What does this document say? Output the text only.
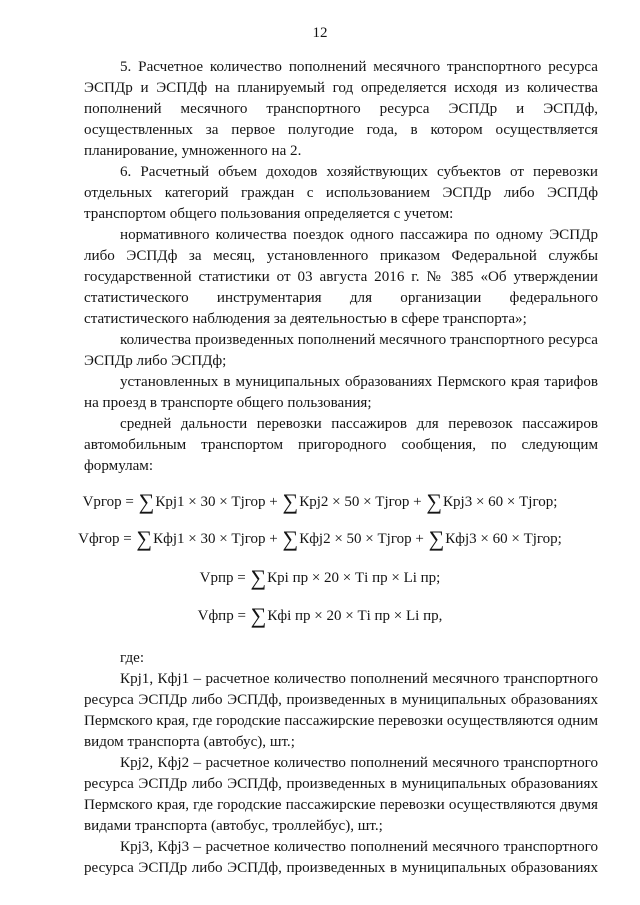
12
5. Расчетное количество пополнений месячного транспортного ресурса
ЭСПДр и ЭСПДф на планируемый год определяется исходя из количества
пополнений месячного транспортного ресурса ЭСПДр и ЭСПДф,
осуществленных за первое полугодие года, в котором осуществляется
планирование, умноженного на 2.
6. Расчетный объем доходов хозяйствующих субъектов от перевозки
отдельных категорий граждан с использованием ЭСПДр либо ЭСПДф
транспортом общего пользования определяется с учетом:
нормативного количества поездок одного пассажира по одному ЭСПДр
либо ЭСПДф за месяц, установленного приказом Федеральной службы
государственной статистики от 03 августа 2016 г. № 385 «Об утверждении
статистического инструментария для организации федерального
статистического наблюдения за деятельностью в сфере транспорта»;
количества произведенных пополнений месячного транспортного ресурса
ЭСПДр либо ЭСПДф;
установленных в муниципальных образованиях Пермского края тарифов
на проезд в транспорте общего пользования;
средней дальности перевозки пассажиров для перевозок пассажиров
автомобильным транспортом пригородного сообщения, по следующим
формулам:
Vргор = ∑Кpj1 × 30 × Тjгор + ∑Кpj2 × 50 × Тjгор + ∑Кpj3 × 60 × Тjгор;
Vфгор = ∑Кфj1 × 30 × Тjгор + ∑Кфj2 × 50 × Тjгор + ∑Кфj3 × 60 × Тjгор;
Vрпр = ∑Кpi пр × 20 × Тi пр × Li пр;
Vфпр = ∑Кфi пр × 20 × Тi пр × Li пр,
где:
Кpj1, Кфj1 – расчетное количество пополнений месячного транспортного
ресурса ЭСПДр либо ЭСПДф, произведенных в муниципальных образованиях
Пермского края, где городские пассажирские перевозки осуществляются одним
видом транспорта (автобус), шт.;
Кpj2, Кфj2 – расчетное количество пополнений месячного транспортного
ресурса ЭСПДр либо ЭСПДф, произведенных в муниципальных образованиях
Пермского края, где городские пассажирские перевозки осуществляются двумя
видами транспорта (автобус, троллейбус), шт.;
Кpj3, Кфj3 – расчетное количество пополнений месячного транспортного
ресурса ЭСПДр либо ЭСПДф, произведенных в муниципальных образованиях
